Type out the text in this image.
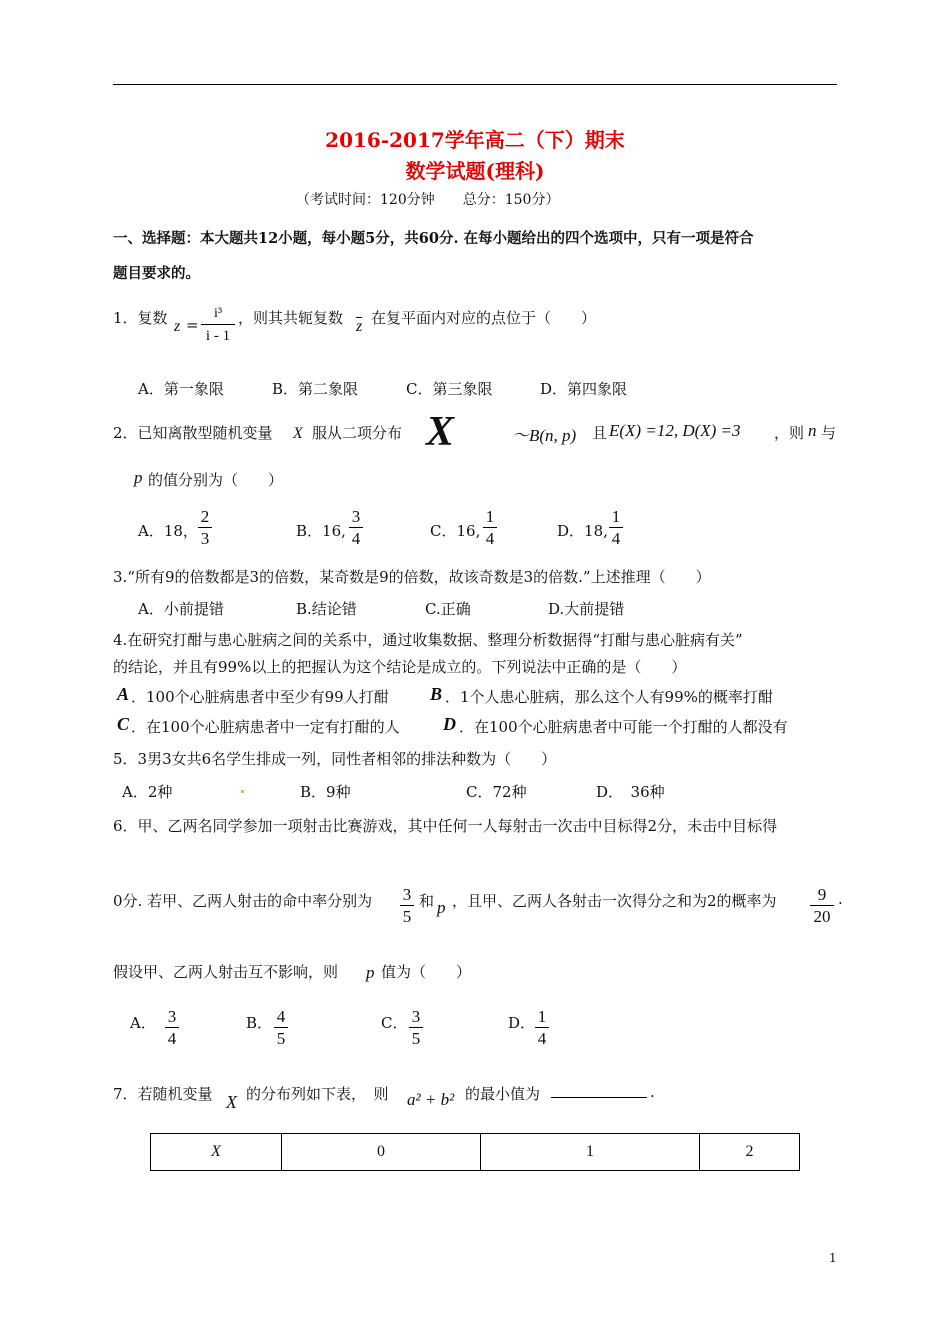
2016-2017学年高二（下）期末
数学试题(理科)
（考试时间：120分钟　　总分：150分）
一、选择题：本大题共12小题，每小题5分，共60分. 在每小题给出的四个选项中，只有一项是符合
题目要求的。
1．复数 z =
i³
i - 1
，则其共轭复数 $\overline{z}$ 在复平面内对应的点位于（　　）
A．第一象限	B．第二象限	C．第三象限	D．第四象限
2．已知离散型随机变量 X 服从二项分布 X	～B(n, p) 且 E(X) =12, D(X) =3 ，则 n 与
p 的值分别为（　　）
A．18，
2
3	B．16,
3
4	C．16,
1
4	D．18,
1
4
3.“所有9的倍数都是3的倍数，某奇数是9的倍数，故该奇数是3的倍数.”上述推理（　　）
A．小前提错	B.结论错	C.正确	D.大前提错
4.在研究打酣与患心脏病之间的关系中，通过收集数据、整理分析数据得“打酣与患心脏病有关”
的结论，并且有99%以上的把握认为这个结论是成立的。下列说法中正确的是（　　）
A ．100个心脏病患者中至少有99人打酣 B ．1个人患心脏病，那么这个人有99%的概率打酣
C ．在100个心脏病患者中一定有打酣的人 D ．在100个心脏病患者中可能一个打酣的人都没有
5．3男3女共6名学生排成一列，同性者相邻的排法种数为（　　）
A．2种	B．9种	C．72种	D．　36种
6．甲、乙两名同学参加一项射击比赛游戏，其中任何一人每射击一次击中目标得2分，未击中目标得
0分. 若甲、乙两人射击的命中率分别为 3
5
和 p ，且甲、乙两人各射击一次得分之和为2的概率为	9
20
.
假设甲、乙两人射击互不影响，则 p 值为（　　）
A． 3
4
B． 4
5
C． 3
5
D． 1
4
7．若随机变量 X 的分布列如下表，　则 a² + b² 的最小值为	.
X	0	1	2
1
